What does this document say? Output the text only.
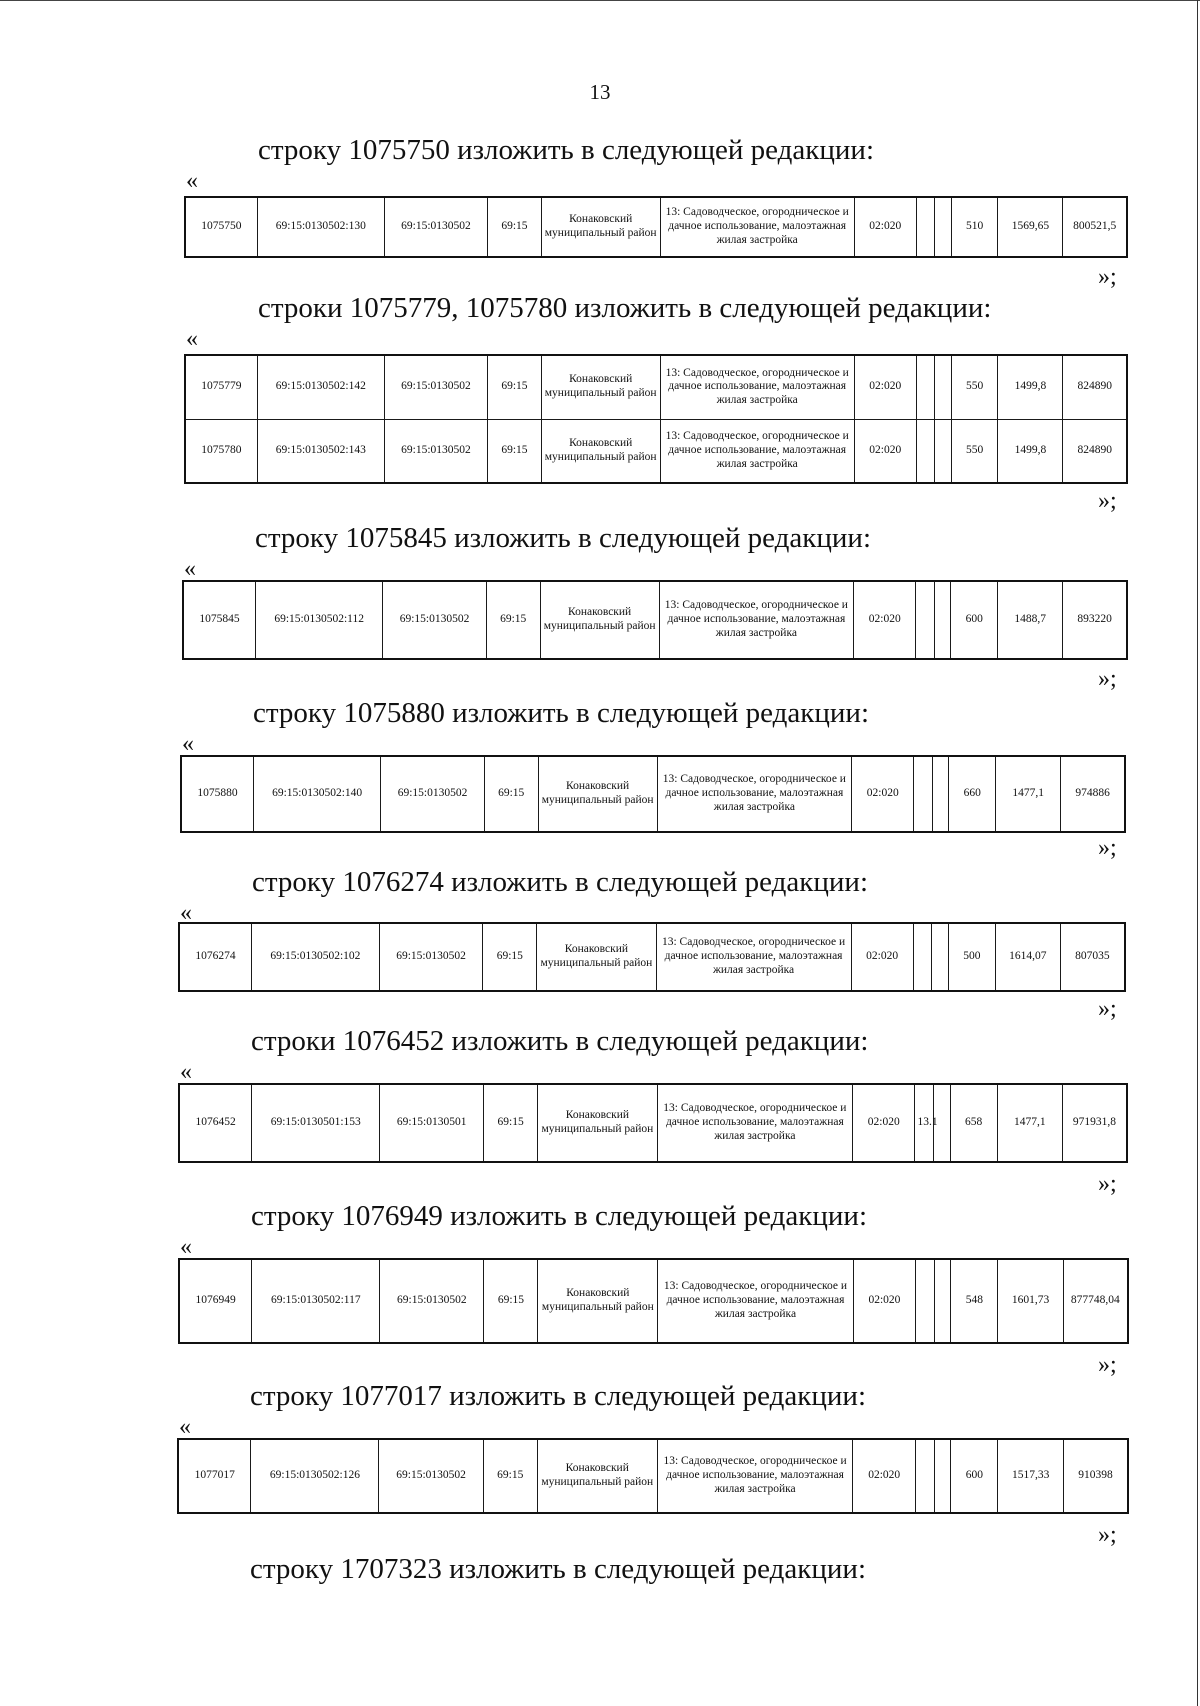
13
строку 1075750 изложить в следующей редакции:
«
1075750	69:15:0130502:130	69:15:0130502	69:15	Конаковский муниципальный район	13: Садоводческое, огородническое и дачное использование, малоэтажная жилая застройка	02:020			510	1569,65	800521,5
»;
строки 1075779, 1075780 изложить в следующей редакции:
«
1075779	69:15:0130502:142	69:15:0130502	69:15	Конаковский муниципальный район	13: Садоводческое, огородническое и дачное использование, малоэтажная жилая застройка	02:020			550	1499,8	824890
1075780	69:15:0130502:143	69:15:0130502	69:15	Конаковский муниципальный район	13: Садоводческое, огородническое и дачное использование, малоэтажная жилая застройка	02:020			550	1499,8	824890
»;
строку 1075845 изложить в следующей редакции:
«
1075845	69:15:0130502:112	69:15:0130502	69:15	Конаковский муниципальный район	13: Садоводческое, огородническое и дачное использование, малоэтажная жилая застройка	02:020			600	1488,7	893220
»;
строку 1075880 изложить в следующей редакции:
«
1075880	69:15:0130502:140	69:15:0130502	69:15	Конаковский муниципальный район	13: Садоводческое, огородническое и дачное использование, малоэтажная жилая застройка	02:020			660	1477,1	974886
»;
строку 1076274 изложить в следующей редакции:
«
1076274	69:15:0130502:102	69:15:0130502	69:15	Конаковский муниципальный район	13: Садоводческое, огородническое и дачное использование, малоэтажная жилая застройка	02:020			500	1614,07	807035
»;
строки 1076452 изложить в следующей редакции:
«
1076452	69:15:0130501:153	69:15:0130501	69:15	Конаковский муниципальный район	13: Садоводческое, огородническое и дачное использование, малоэтажная жилая застройка	02:020	13.1		658	1477,1	971931,8
»;
строку 1076949 изложить в следующей редакции:
«
1076949	69:15:0130502:117	69:15:0130502	69:15	Конаковский муниципальный район	13: Садоводческое, огородническое и дачное использование, малоэтажная жилая застройка	02:020			548	1601,73	877748,04
»;
строку 1077017 изложить в следующей редакции:
«
1077017	69:15:0130502:126	69:15:0130502	69:15	Конаковский муниципальный район	13: Садоводческое, огородническое и дачное использование, малоэтажная жилая застройка	02:020			600	1517,33	910398
»;
строку 1707323 изложить в следующей редакции:
